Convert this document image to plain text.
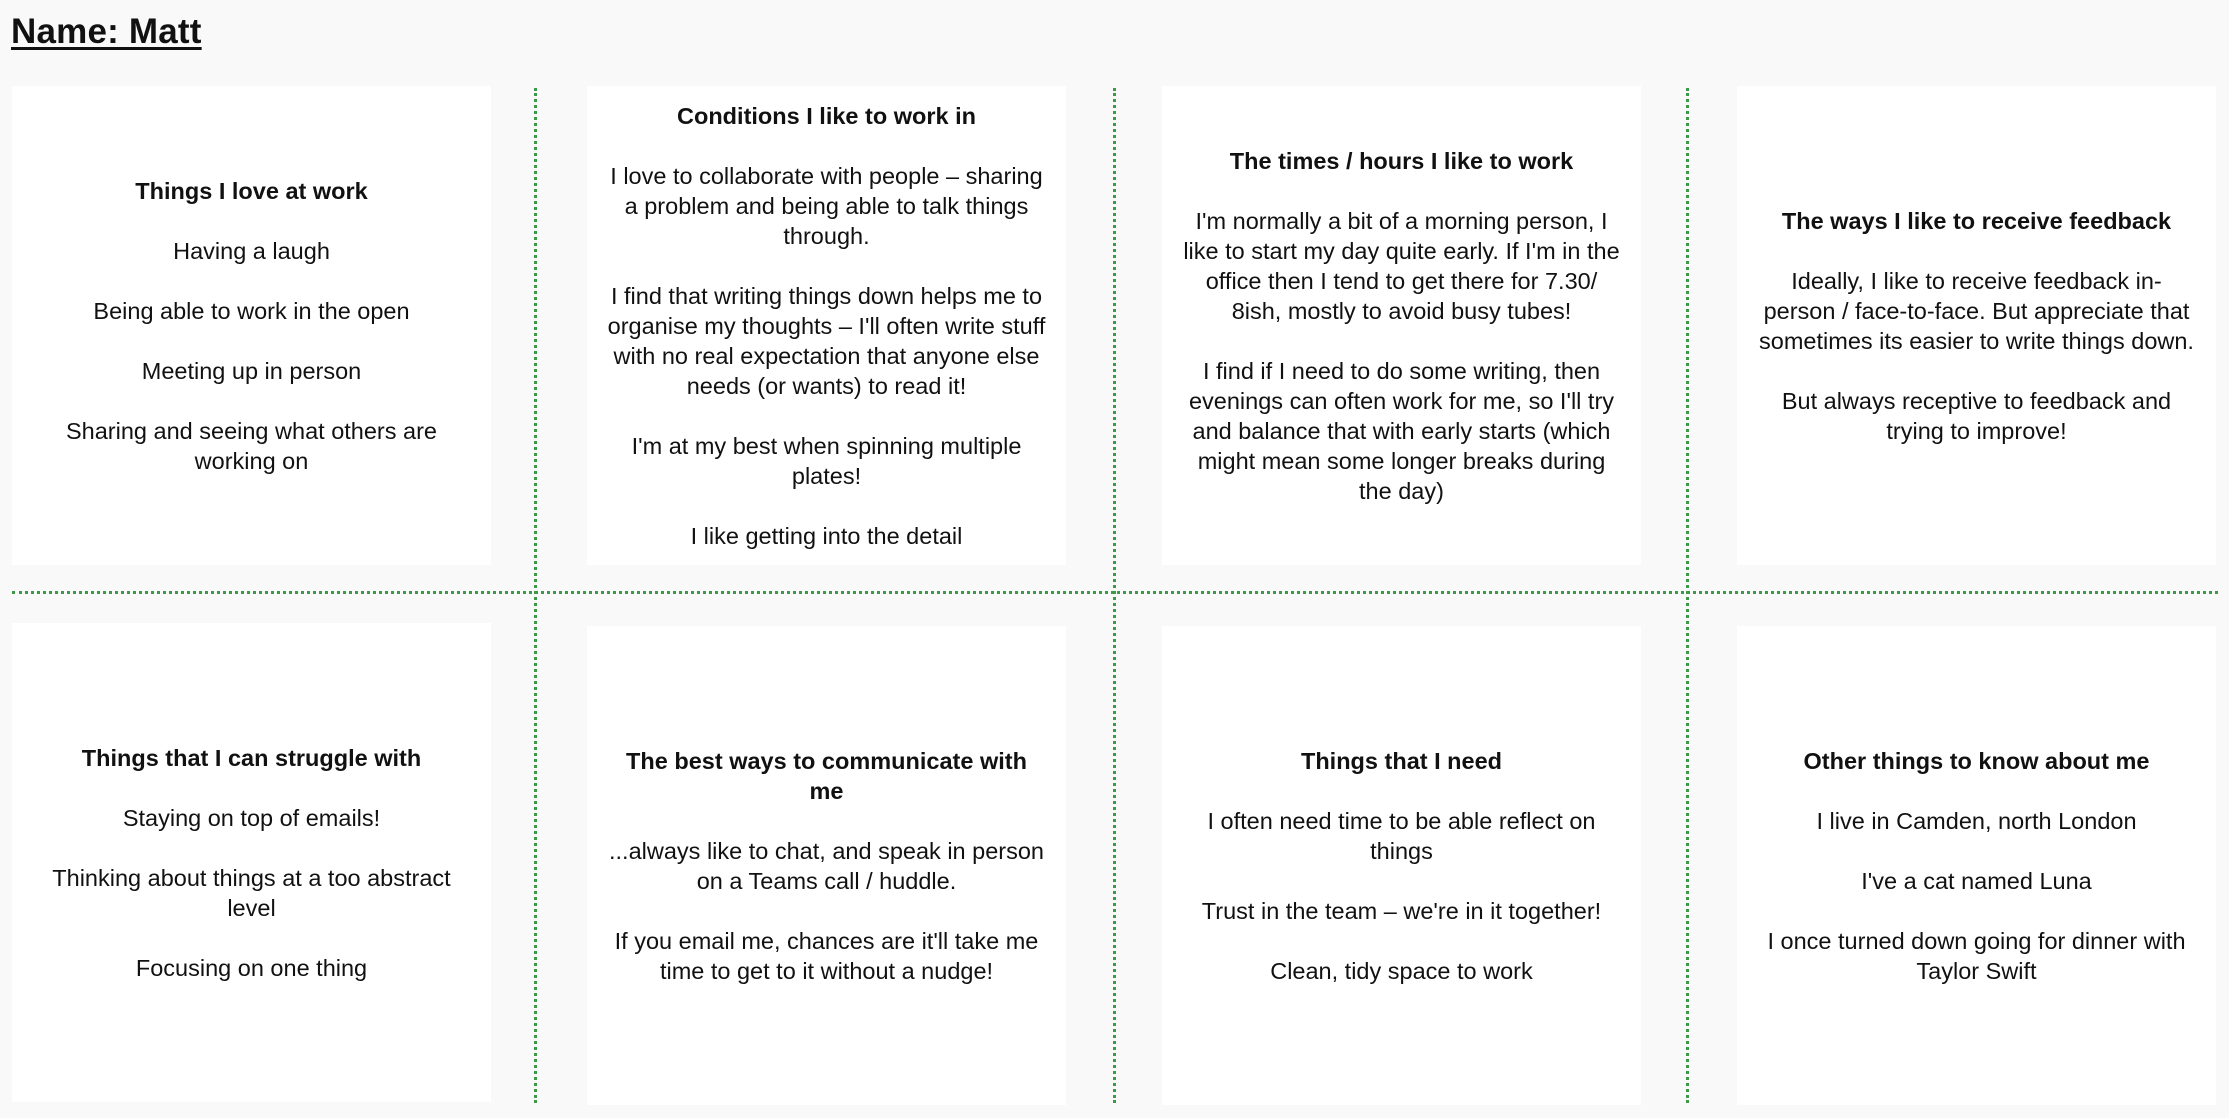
Name: Matt
Things I love at work

Having a laugh

Being able to work in the open

Meeting up in person

Sharing and seeing what others are working on

Conditions I like to work in

I love to collaborate with people – sharing a problem and being able to talk things through.

I find that writing things down helps me to organise my thoughts – I'll often write stuff with no real expectation that anyone else needs (or wants) to read it!

I'm at my best when spinning multiple plates!

I like getting into the detail

The times / hours I like to work

I'm normally a bit of a morning person, I like to start my day quite early. If I'm in the office then I tend to get there for 7.30/ 8ish, mostly to avoid busy tubes!

I find if I need to do some writing, then evenings can often work for me, so I'll try and balance that with early starts (which might mean some longer breaks during the day)

The ways I like to receive feedback

Ideally, I like to receive feedback in-person / face-to-face. But appreciate that sometimes its easier to write things down.

But always receptive to feedback and trying to improve!

Things that I can struggle with

Staying on top of emails!

Thinking about things at a too abstract level

Focusing on one thing

The best ways to communicate with me

...always like to chat, and speak in person on a Teams call / huddle.

If you email me, chances are it'll take me time to get to it without a nudge!

Things that I need

I often need time to be able reflect on things

Trust in the team – we're in it together!

Clean, tidy space to work

Other things to know about me

I live in Camden, north London

I've a cat named Luna

I once turned down going for dinner with Taylor Swift
